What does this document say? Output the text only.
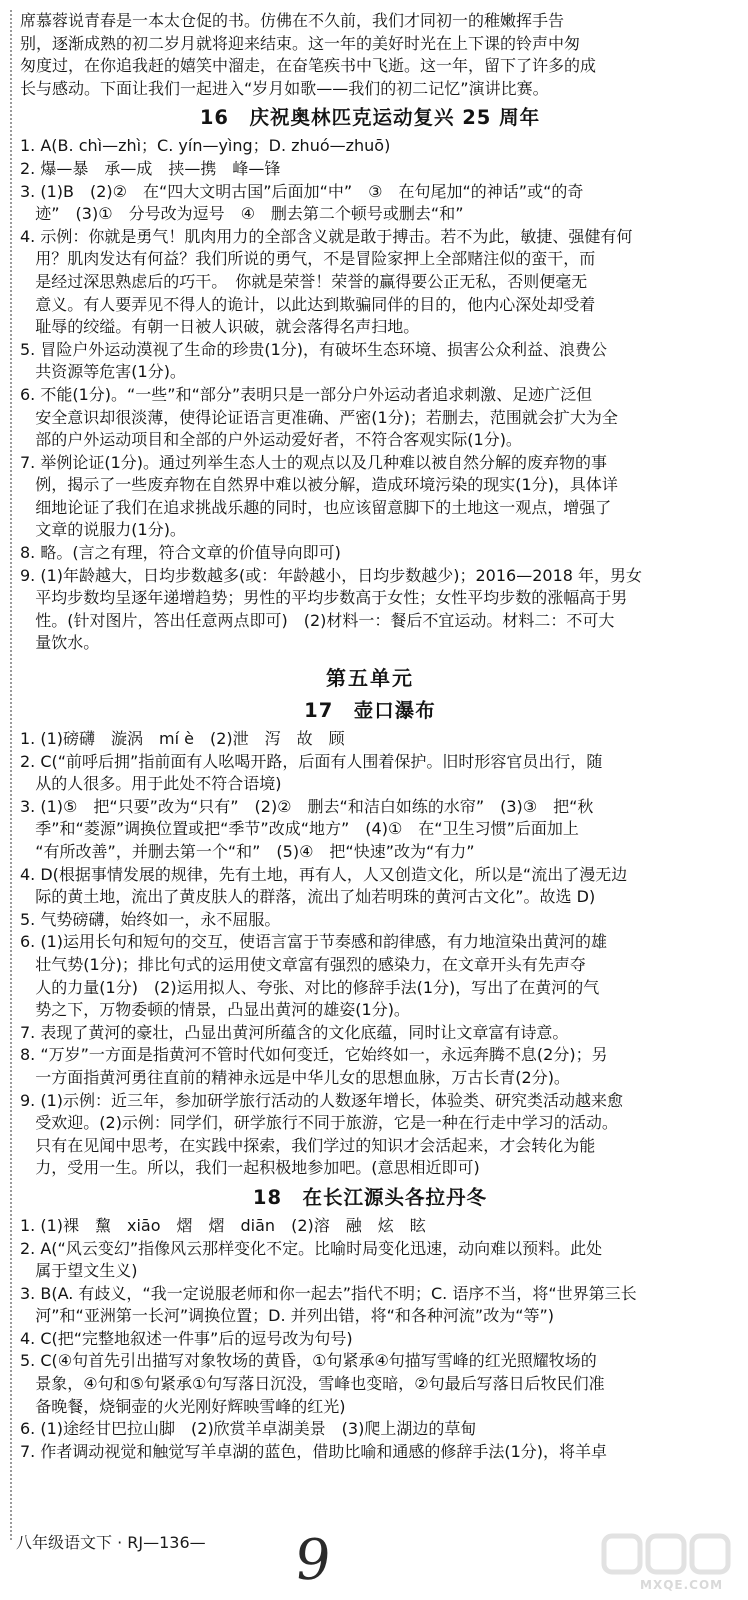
席慕蓉说青春是一本太仓促的书。仿佛在不久前，我们才同初一的稚嫩挥手告
别，逐渐成熟的初二岁月就将迎来结束。这一年的美好时光在上下课的铃声中匆
匆度过，在你追我赶的嬉笑中溜走，在奋笔疾书中飞逝。这一年，留下了许多的成
长与感动。下面让我们一起进入“岁月如歌——我们的初二记忆”演讲比赛。
16　庆祝奥林匹克运动复兴 25 周年
1. A(B. chì—zhì；C. yín—yìng；D. zhuó—zhuō)
2. 爆—暴　承—成　挟—携　峰—锋
3. (1)B　(2)②　在“四大文明古国”后面加“中”　③　在句尾加“的神话”或“的奇
迹”　(3)①　分号改为逗号　④　删去第二个顿号或删去“和”
4. 示例：你就是勇气！肌肉用力的全部含义就是敢于搏击。若不为此，敏捷、强健有何
用？肌肉发达有何益？我们所说的勇气，不是冒险家押上全部赌注似的蛮干，而
是经过深思熟虑后的巧干。　你就是荣誉！荣誉的赢得要公正无私，否则便毫无
意义。有人要弄见不得人的诡计，以此达到欺骗同伴的目的，他内心深处却受着
耻辱的绞缢。有朝一日被人识破，就会落得名声扫地。
5. 冒险户外运动漠视了生命的珍贵(1分)，有破坏生态环境、损害公众利益、浪费公
共资源等危害(1分)。
6. 不能(1分)。“一些”和“部分”表明只是一部分户外运动者追求刺激、足迹广泛但
安全意识却很淡薄，使得论证语言更准确、严密(1分)；若删去，范围就会扩大为全
部的户外运动项目和全部的户外运动爱好者，不符合客观实际(1分)。
7. 举例论证(1分)。通过列举生态人士的观点以及几种难以被自然分解的废弃物的事
例，揭示了一些废弃物在自然界中难以被分解，造成环境污染的现实(1分)，具体详
细地论证了我们在追求挑战乐趣的同时，也应该留意脚下的土地这一观点，增强了
文章的说服力(1分)。
8. 略。(言之有理，符合文章的价值导向即可)
9. (1)年龄越大，日均步数越多(或：年龄越小，日均步数越少)；2016—2018 年，男女
平均步数均呈逐年递增趋势；男性的平均步数高于女性；女性平均步数的涨幅高于男
性。(针对图片，答出任意两点即可)　(2)材料一：餐后不宜运动。材料二：不可大
量饮水。
第五单元
17　壶口瀑布
1. (1)磅礴　漩涡　mí è　(2)泄　泻　故　顾
2. C(“前呼后拥”指前面有人吆喝开路，后面有人围着保护。旧时形容官员出行，随
从的人很多。用于此处不符合语境)
3. (1)⑤　把“只要”改为“只有”　(2)②　删去“和洁白如练的水帘”　(3)③　把“秋
季”和“菱源”调换位置或把“季节”改成“地方”　(4)①　在“卫生习惯”后面加上
“有所改善”，并删去第一个“和”　(5)④　把“快速”改为“有力”
4. D(根据事情发展的规律，先有土地，再有人，人又创造文化，所以是“流出了漫无边
际的黄土地，流出了黄皮肤人的群落，流出了灿若明珠的黄河古文化”。故选 D)
5. 气势磅礴，始终如一，永不屈服。
6. (1)运用长句和短句的交互，使语言富于节奏感和韵律感，有力地渲染出黄河的雄
壮气势(1分)；排比句式的运用使文章富有强烈的感染力，在文章开头有先声夺
人的力量(1分)　(2)运用拟人、夸张、对比的修辞手法(1分)，写出了在黄河的气
势之下，万物委顿的情景，凸显出黄河的雄姿(1分)。
7. 表现了黄河的豪壮，凸显出黄河所蕴含的文化底蕴，同时让文章富有诗意。
8. “万岁”一方面是指黄河不管时代如何变迁，它始终如一，永远奔腾不息(2分)；另
一方面指黄河勇往直前的精神永远是中华儿女的思想血脉，万古长青(2分)。
9. (1)示例：近三年，参加研学旅行活动的人数逐年增长，体验类、研究类活动越来愈
受欢迎。(2)示例：同学们，研学旅行不同于旅游，它是一种在行走中学习的活动。
只有在见闻中思考，在实践中探索，我们学过的知识才会活起来，才会转化为能
力，受用一生。所以，我们一起积极地参加吧。(意思相近即可)
18　在长江源头各拉丹冬
1. (1)裸　黧　xiāo　熠　熠　diān　(2)溶　融　炫　眩
2. A(“风云变幻”指像风云那样变化不定。比喻时局变化迅速，动向难以预料。此处
属于望文生义)
3. B(A. 有歧义，“我一定说服老师和你一起去”指代不明；C. 语序不当，将“世界第三长
河”和“亚洲第一长河”调换位置；D. 并列出错，将“和各种河流”改为“等”)
4. C(把“完整地叙述一件事”后的逗号改为句号)
5. C(④句首先引出描写对象牧场的黄昏，①句紧承④句描写雪峰的红光照耀牧场的
景象，④句和⑤句紧承①句写落日沉没，雪峰也变暗，②句最后写落日后牧民们准
备晚餐，烧铜壶的火光刚好辉映雪峰的红光)
6. (1)途经甘巴拉山脚　(2)欣赏羊卓湖美景　(3)爬上湖边的草甸
7. 作者调动视觉和触觉写羊卓湖的蓝色，借助比喻和通感的修辞手法(1分)，将羊卓
八年级语文下 · RJ—136— 9	MXQE.COM
